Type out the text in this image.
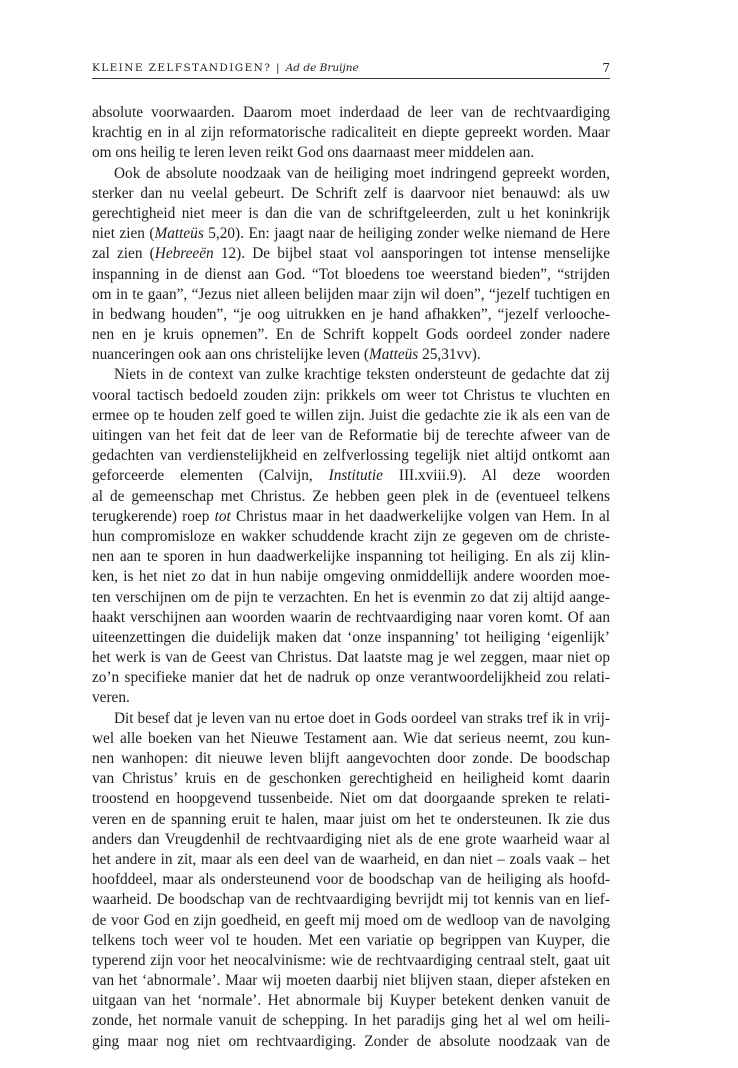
KLEINE ZELFSTANDIGEN? | Ad de Bruijne	7
absolute voorwaarden. Daarom moet inderdaad de leer van de rechtvaardiging
krachtig en in al zijn reformatorische radicaliteit en diepte gepreekt worden. Maar
om ons heilig te leren leven reikt God ons daarnaast meer middelen aan.
Ook de absolute noodzaak van de heiliging moet indringend gepreekt worden,
sterker dan nu veelal gebeurt. De Schrift zelf is daarvoor niet benauwd: als uw
gerechtigheid niet meer is dan die van de schriftgeleerden, zult u het koninkrijk
niet zien (Matteüs 5,20). En: jaagt naar de heiliging zonder welke niemand de Here
zal zien (Hebreeën 12). De bijbel staat vol aansporingen tot intense menselijke
inspanning in de dienst aan God. “Tot bloedens toe weerstand bieden”, “strijden
om in te gaan”, “Jezus niet alleen belijden maar zijn wil doen”, “jezelf tuchtigen en
in bedwang houden”, “je oog uitrukken en je hand afhakken”, “jezelf verlooche-
nen en je kruis opnemen”. En de Schrift koppelt Gods oordeel zonder nadere
nuanceringen ook aan ons christelijke leven (Matteüs 25,31vv).
Niets in de context van zulke krachtige teksten ondersteunt de gedachte dat zij
vooral tactisch bedoeld zouden zijn: prikkels om weer tot Christus te vluchten en
ermee op te houden zelf goed te willen zijn. Juist die gedachte zie ik als een van de
uitingen van het feit dat de leer van de Reformatie bij de terechte afweer van de
gedachten van verdienstelijkheid en zelfverlossing tegelijk niet altijd ontkomt aan
geforceerde elementen (Calvijn, Institutie III.xviii.9). Al deze woorden
al de gemeenschap met Christus. Ze hebben geen plek in de (eventueel telkens
terugkerende) roep tot Christus maar in het daadwerkelijke volgen van Hem. In al
hun compromisloze en wakker schuddende kracht zijn ze gegeven om de christe-
nen aan te sporen in hun daadwerkelijke inspanning tot heiliging. En als zij klin-
ken, is het niet zo dat in hun nabije omgeving onmiddellijk andere woorden moe-
ten verschijnen om de pijn te verzachten. En het is evenmin zo dat zij altijd aange-
haakt verschijnen aan woorden waarin de rechtvaardiging naar voren komt. Of aan
uiteenzettingen die duidelijk maken dat ‘onze inspanning’ tot heiliging ‘eigenlijk’
het werk is van de Geest van Christus. Dat laatste mag je wel zeggen, maar niet op
zo’n specifieke manier dat het de nadruk op onze verantwoordelijkheid zou relati-
veren.
Dit besef dat je leven van nu ertoe doet in Gods oordeel van straks tref ik in vrij-
wel alle boeken van het Nieuwe Testament aan. Wie dat serieus neemt, zou kun-
nen wanhopen: dit nieuwe leven blijft aangevochten door zonde. De boodschap
van Christus’ kruis en de geschonken gerechtigheid en heiligheid komt daarin
troostend en hoopgevend tussenbeide. Niet om dat doorgaande spreken te relati-
veren en de spanning eruit te halen, maar juist om het te ondersteunen. Ik zie dus
anders dan Vreugdenhil de rechtvaardiging niet als de ene grote waarheid waar al
het andere in zit, maar als een deel van de waarheid, en dan niet – zoals vaak – het
hoofddeel, maar als ondersteunend voor de boodschap van de heiliging als hoofd-
waarheid. De boodschap van de rechtvaardiging bevrijdt mij tot kennis van en lief-
de voor God en zijn goedheid, en geeft mij moed om de wedloop van de navolging
telkens toch weer vol te houden. Met een variatie op begrippen van Kuyper, die
typerend zijn voor het neocalvinisme: wie de rechtvaardiging centraal stelt, gaat uit
van het ‘abnormale’. Maar wij moeten daarbij niet blijven staan, dieper afsteken en
uitgaan van het ‘normale’. Het abnormale bij Kuyper betekent denken vanuit de
zonde, het normale vanuit de schepping. In het paradijs ging het al wel om heili-
ging maar nog niet om rechtvaardiging. Zonder de absolute noodzaak van de
